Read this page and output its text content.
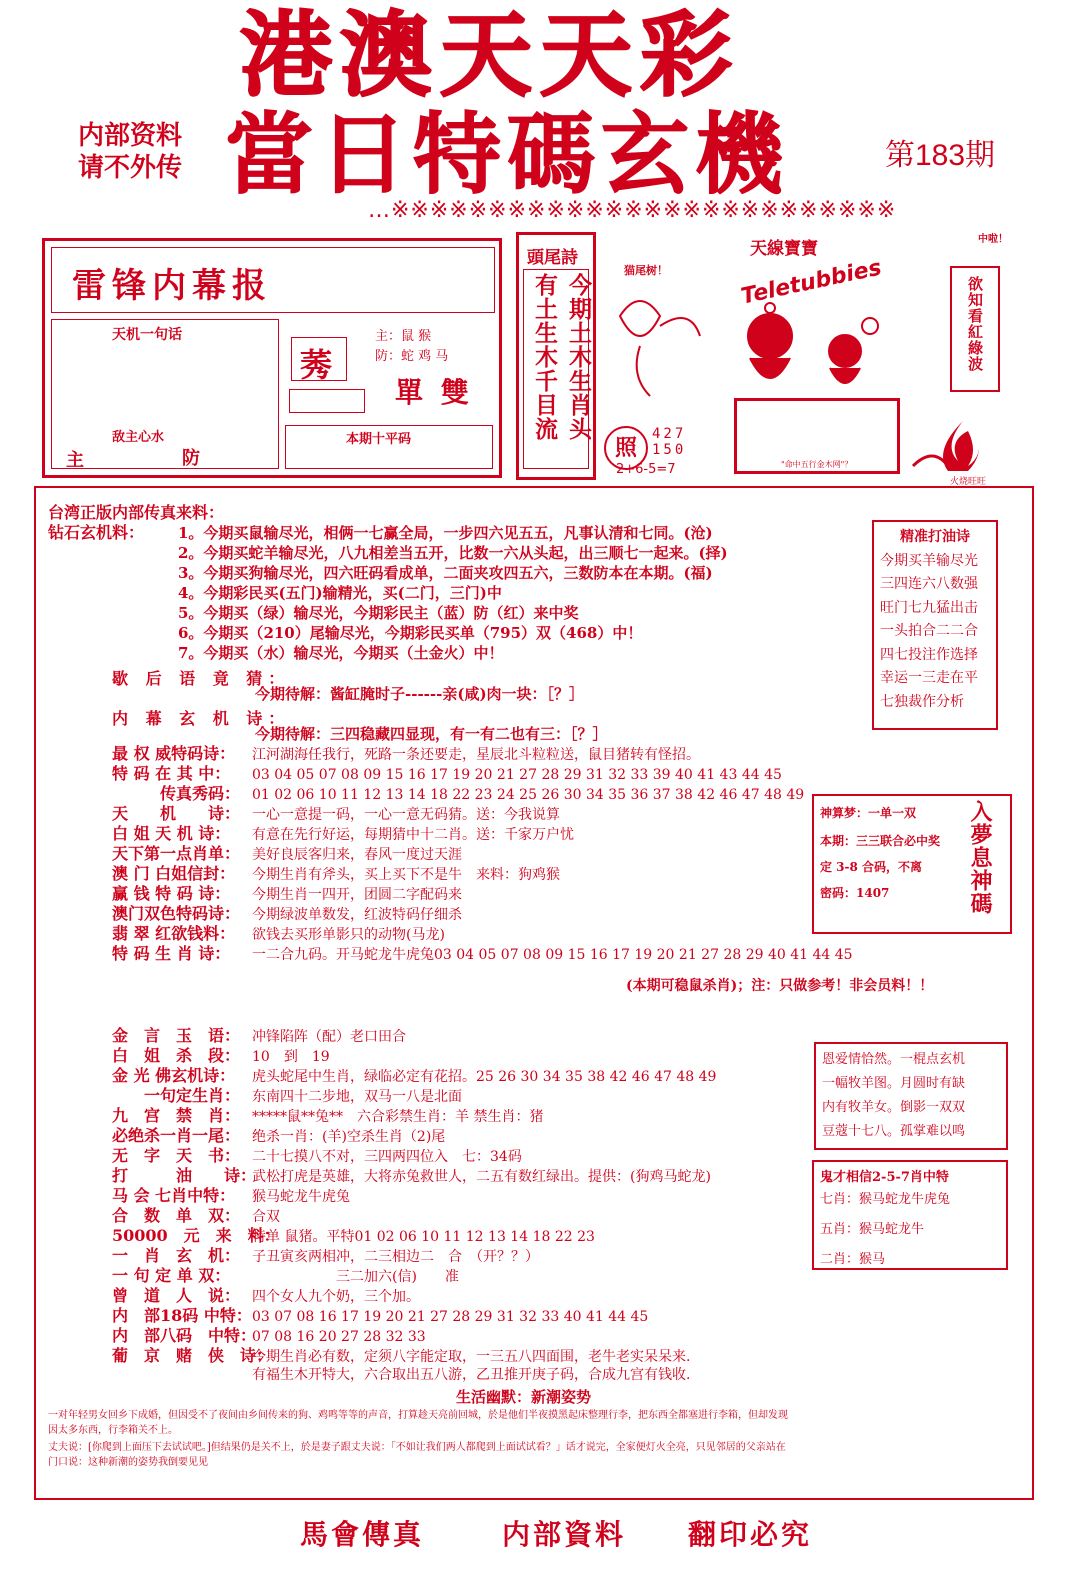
港澳天天彩
内部资料
请不外传 當日特碼玄機	第183期
…※※※※※※※※※※※※※※※※※※※※※※※※※※
雷锋内幕报
天机一句话
敌主心水
主	防
莠
主：鼠 猴
防：蛇 鸡 马
單 雙
本期十平码
頭尾詩
今期土木生肖头
有土生木千目流
天線寶寶
Teletubbies
猫尾树！
"命中五行金木网"？
照
427
150
2+6-5=7
中啦！
欲知看紅綠波
火烧旺旺
台湾正版内部传真来料：
钻石玄机料：	1。今期买鼠输尽光，相俩一七赢全局，一步四六见五五，凡事认清和七同。(沧)
2。今期买蛇羊输尽光，八九相差当五开，比数一六从头起，出三顺七一起来。(择)
3。今期买狗输尽光，四六旺码看成单，二面夹攻四五六，三数防本在本期。(福)
4。今期彩民买(五门)输精光，买(二门，三门)中
5。今期买（绿）输尽光，今期彩民主（蓝）防（红）来中奖
6。今期买（210）尾输尽光，今期彩民买单（795）双（468）中！
7。今期买（水）输尽光，今期买（土金火）中！
歇 后 语 竟 猜：
今期待解：酱缸腌时子------亲(咸)肉一块：［？］
内 幕 玄 机 诗：
今期待解：三四稳藏四显现，有一有二也有三：［？］
最 权 威特码诗： 江河湖海任我行，死路一条还要走，星辰北斗粒粒送，鼠目猪转有怪招。
特 码 在 其 中： 03 04 05 07 08 09 15 16 17 19 20 21 27 28 29 31 32 33 39 40 41 43 44 45
　　　传真秀码： 01 02 06 10 11 12 13 14 18 22 23 24 25 26 30 34 35 36 37 38 42 46 47 48 49
天　　机　　诗： 一心一意提一码，一心一意无码猜。送：今我说算
白 姐 天 机 诗： 有意在先行好运，每期猜中十二肖。送：千家万户忧
天下第一点肖单： 美好良辰客归来，春风一度过天涯
澳 门 白姐信封： 今期生肖有斧头，买上买下不是牛　来料：狗鸡猴
赢 钱 特 码 诗： 今期生肖一四开，团圆二字配码来
澳门双色特码诗： 今期绿波单数发，红波特码仔细杀
翡 翠 红欲钱料： 欲钱去买形单影只的动物(马龙)
特 码 生 肖 诗： 一二合九码。开马蛇龙牛虎兔03 04 05 07 08 09 15 16 17 19 20 21 27 28 29 40 41 44 45
精准打油诗
今期买羊输尽光
三四连六八数强
旺门七九猛出击
一头拍合二二合
四七投注作选择
幸运一三走在平
七独裁作分析
神算梦：一单一双
本期：三三联合必中奖
定 3-8 合码，不离
密码：1407	入夢息神碼
(本期可稳鼠杀肖)；注：只做参考！非会员料！！
金　言　玉　语： 冲锋陷阵（配）老口田合
白　姐　杀　段： 10　到　19
金 光 佛玄机诗： 虎头蛇尾中生肖，绿临必定有花招。25 26 30 34 35 38 42 46 47 48 49
　　一句定生肖： 东南四十二步地，双马一八是北面
九　宫　禁　肖： *****鼠**兔**　六合彩禁生肖：羊 禁生肖：猪
必绝杀一肖一尾： 绝杀一肖：(羊)空杀生肖（2)尾
无　字　天　书： 二十七摸八不对，三四两四位入　七：34码
打　　　油　　诗：武松打虎是英雄，大将赤兔救世人，二五有数红绿出。提供：(狗鸡马蛇龙)
马 会 七肖中特： 猴马蛇龙牛虎兔
合　数　单　双： 合双
50000　元　来　料：特单 鼠猪。平特01 02 06 10 11 12 13 14 18 22 23
一　肖　玄　机： 子丑寅亥两相冲，二三相边二　合　（开？？）
一 句 定 单 双：　　　　　　三二加六(信)　　准
曾　道　人　说： 四个女人九个奶，三个加。
内　部18码 中特：03 07 08 16 17 19 20 21 27 28 29 31 32 33 40 41 44 45
内　部八码　中特：07 08 16 20 27 28 32 33
葡　京　赌　侠　诗：今期生肖必有数，定须八字能定取，一三五八四面围，老牛老实呆呆来.
有福生木开特大，六合取出五八游，乙丑推开庚子码，合成九宫有钱收.
恩爱情恰然。一棍点玄机
一幅牧羊图。月圆时有缺
内有牧羊女。倒影一双双
豆蔻十七八。孤掌难以鸣
鬼才相信2-5-7肖中特
七肖：猴马蛇龙牛虎兔
五肖：猴马蛇龙牛
二肖：猴马
生活幽默：新潮姿势
一对年轻男女回乡下成婚，但因受不了夜间由乡间传来的狗、鸡鸣等等的声音，打算趁天亮前回城，於是他们半夜摸黑起床整理行李，把东西全都塞进行李箱，但却发现因太多东西，行李箱关不上。
丈夫说：[你爬到上面压下去试试吧。]但结果仍是关不上，於是妻子跟丈夫说：「不如让我们两人都爬到上面试试看？」话才说完，全家便灯火全亮，只见邻居的父亲站在门口说：这种新潮的姿势我倒要见见
馬會傳真	内部資料 翻印必究
